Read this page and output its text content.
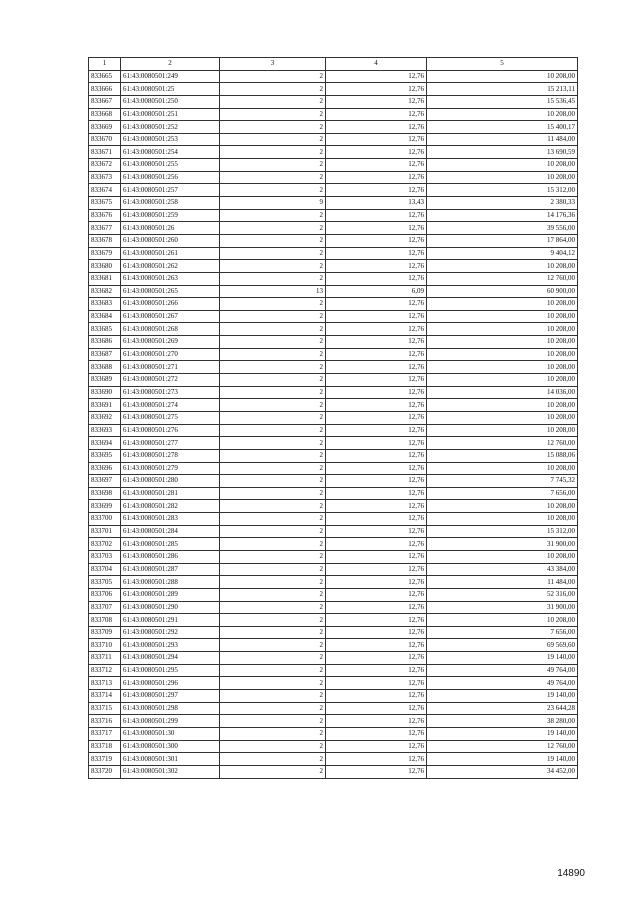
1	2	3	4	5
833665	61:43:0080501:249	2	12,76	10 208,00
833666	61:43:0080501:25	2	12,76	15 213,11
833667	61:43:0080501:250	2	12,76	15 536,45
833668	61:43:0080501:251	2	12,76	10 208,00
833669	61:43:0080501:252	2	12,76	15 400,17
833670	61:43:0080501:253	2	12,76	11 484,00
833671	61:43:0080501:254	2	12,76	13 690,59
833672	61:43:0080501:255	2	12,76	10 208,00
833673	61:43:0080501:256	2	12,76	10 208,00
833674	61:43:0080501:257	2	12,76	15 312,00
833675	61:43:0080501:258	9	13,43	2 380,33
833676	61:43:0080501:259	2	12,76	14 176,36
833677	61:43:0080501:26	2	12,76	39 556,00
833678	61:43:0080501:260	2	12,76	17 864,00
833679	61:43:0080501:261	2	12,76	9 404,12
833680	61:43:0080501:262	2	12,76	10 208,00
833681	61:43:0080501:263	2	12,76	12 760,00
833682	61:43:0080501:265	13	6,09	60 900,00
833683	61:43:0080501:266	2	12,76	10 208,00
833684	61:43:0080501:267	2	12,76	10 208,00
833685	61:43:0080501:268	2	12,76	10 208,00
833686	61:43:0080501:269	2	12,76	10 208,00
833687	61:43:0080501:270	2	12,76	10 208,00
833688	61:43:0080501:271	2	12,76	10 208,00
833689	61:43:0080501:272	2	12,76	10 208,00
833690	61:43:0080501:273	2	12,76	14 036,00
833691	61:43:0080501:274	2	12,76	10 208,00
833692	61:43:0080501:275	2	12,76	10 208,00
833693	61:43:0080501:276	2	12,76	10 208,00
833694	61:43:0080501:277	2	12,76	12 760,00
833695	61:43:0080501:278	2	12,76	15 088,06
833696	61:43:0080501:279	2	12,76	10 208,00
833697	61:43:0080501:280	2	12,76	7 745,32
833698	61:43:0080501:281	2	12,76	7 656,00
833699	61:43:0080501:282	2	12,76	10 208,00
833700	61:43:0080501:283	2	12,76	10 208,00
833701	61:43:0080501:284	2	12,76	15 312,00
833702	61:43:0080501:285	2	12,76	31 900,00
833703	61:43:0080501:286	2	12,76	10 208,00
833704	61:43:0080501:287	2	12,76	43 384,00
833705	61:43:0080501:288	2	12,76	11 484,00
833706	61:43:0080501:289	2	12,76	52 316,00
833707	61:43:0080501:290	2	12,76	31 900,00
833708	61:43:0080501:291	2	12,76	10 208,00
833709	61:43:0080501:292	2	12,76	7 656,00
833710	61:43:0080501:293	2	12,76	69 569,60
833711	61:43:0080501:294	2	12,76	19 140,00
833712	61:43:0080501:295	2	12,76	49 764,00
833713	61:43:0080501:296	2	12,76	49 764,00
833714	61:43:0080501:297	2	12,76	19 140,00
833715	61:43:0080501:298	2	12,76	23 644,28
833716	61:43:0080501:299	2	12,76	38 280,00
833717	61:43:0080501:30	2	12,76	19 140,00
833718	61:43:0080501:300	2	12,76	12 760,00
833719	61:43:0080501:301	2	12,76	19 140,00
833720	61:43:0080501:302	2	12,76	34 452,00
14890
